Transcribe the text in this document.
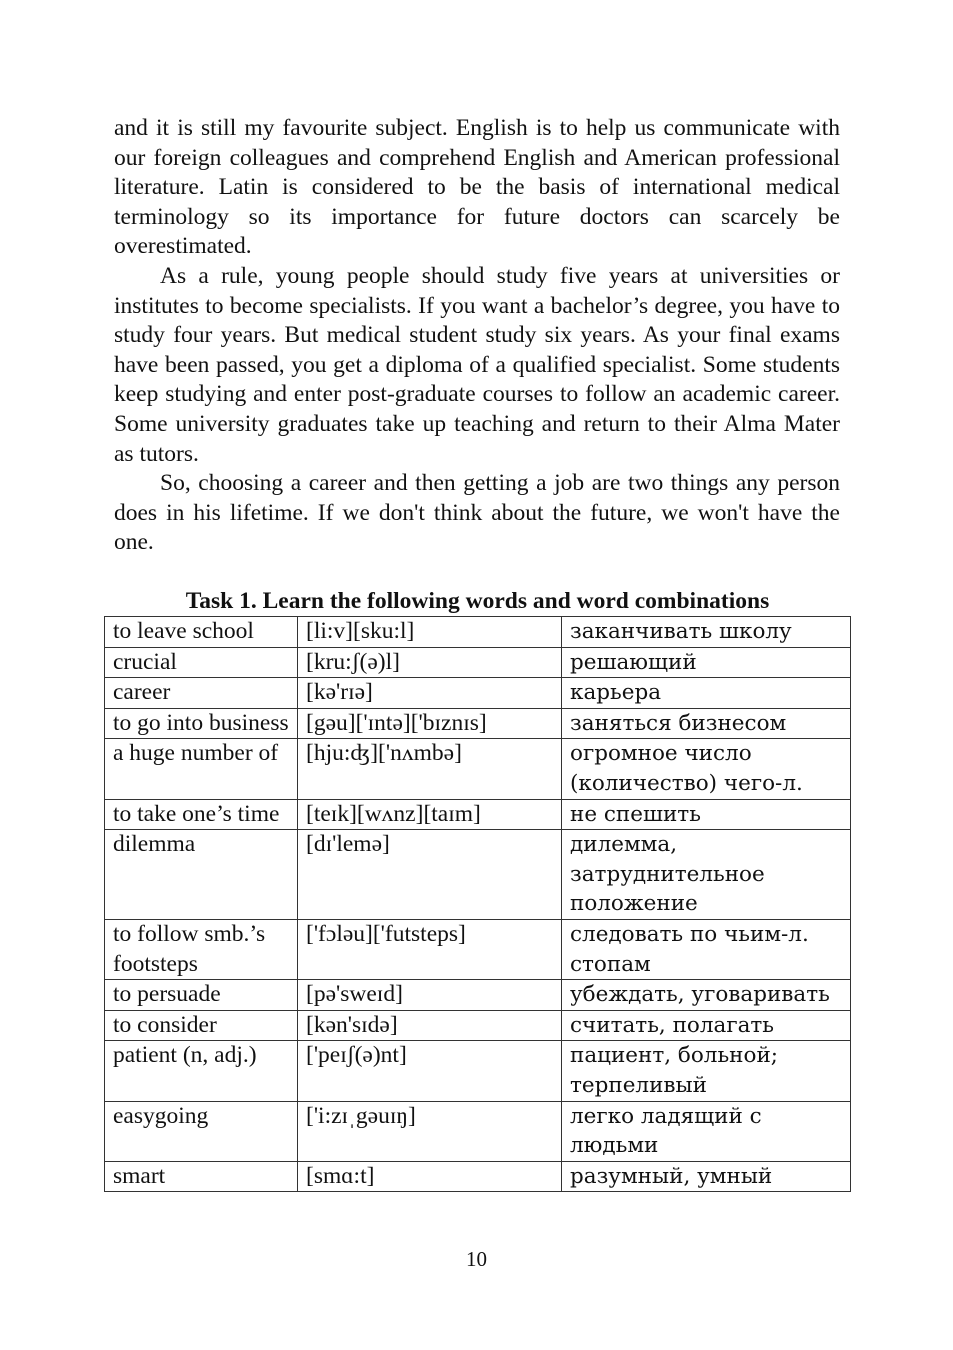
and it is still my favourite subject. English is to help us communicate with our foreign colleagues and comprehend English and American professional literature. Latin is considered to be the basis of international medical terminology so its importance for future doctors can scarcely be overestimated.

As a rule, young people should study five years at universities or institutes to become specialists. If you want a bachelor’s degree, you have to study four years. But medical student study six years. As your final exams have been passed, you get a diploma of a qualified specialist. Some students keep studying and enter post-graduate courses to follow an academic career. Some university graduates take up teaching and return to their Alma Mater as tutors.

So, choosing a career and then getting a job are two things any person does in his lifetime. If we don't think about the future, we won't have the one.

Task 1. Learn the following words and word combinations
to leave school	[li:v][sku:l]	заканчивать школу
crucial	[kru:ʃ(ə)l]	решающий
career	[kə'rɪə]	карьера
to go into business	[gəu]['ɪntə]['bɪznɪs]	заняться бизнесом
a huge number of	[hju:ʤ]['nʌmbə]	огромное число (количество) чего-л.
to take one’s time	[teɪk][wʌnz][taɪm]	не спешить
dilemma	[dɪ'lemə]	дилемма, затруднительное положение
to follow smb.’s footsteps	['fɔləu]['futsteps]	следовать по чьим-л. стопам
to persuade	[pə'sweɪd]	убеждать, уговаривать
to consider	[kən'sɪdə]	считать, полагать
patient (n, adj.)	['peɪʃ(ə)nt]	пациент, больной; терпеливый
easygoing	['i:zɪˌgəuɪŋ]	легко ладящий с людьми
smart	[smɑ:t]	разумный, умный
10
